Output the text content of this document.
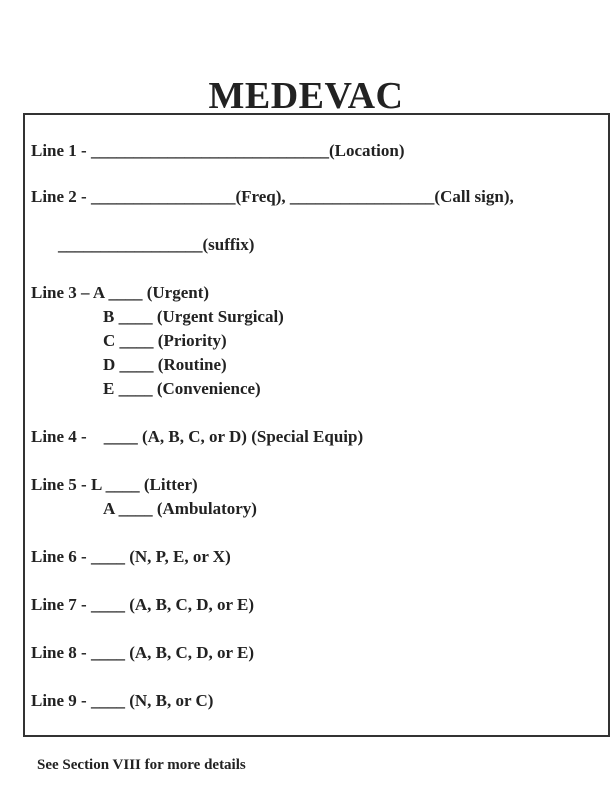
MEDEVAC
Line 1 - ____________________________(Location)
Line 2 - _________________(Freq), _________________(Call sign),
_________________(suffix)
Line 3 – A ____ (Urgent)
B ____ (Urgent Surgical)
C ____ (Priority)
D ____ (Routine)
E ____ (Convenience)
Line 4 -    ____ (A, B, C, or D) (Special Equip)
Line 5 - L ____ (Litter)
A ____ (Ambulatory)
Line 6 - ____ (N, P, E, or X)
Line 7 - ____ (A, B, C, D, or E)
Line 8 - ____ (A, B, C, D, or E)
Line 9 - ____ (N, B, or C)
See Section VIII for more details
